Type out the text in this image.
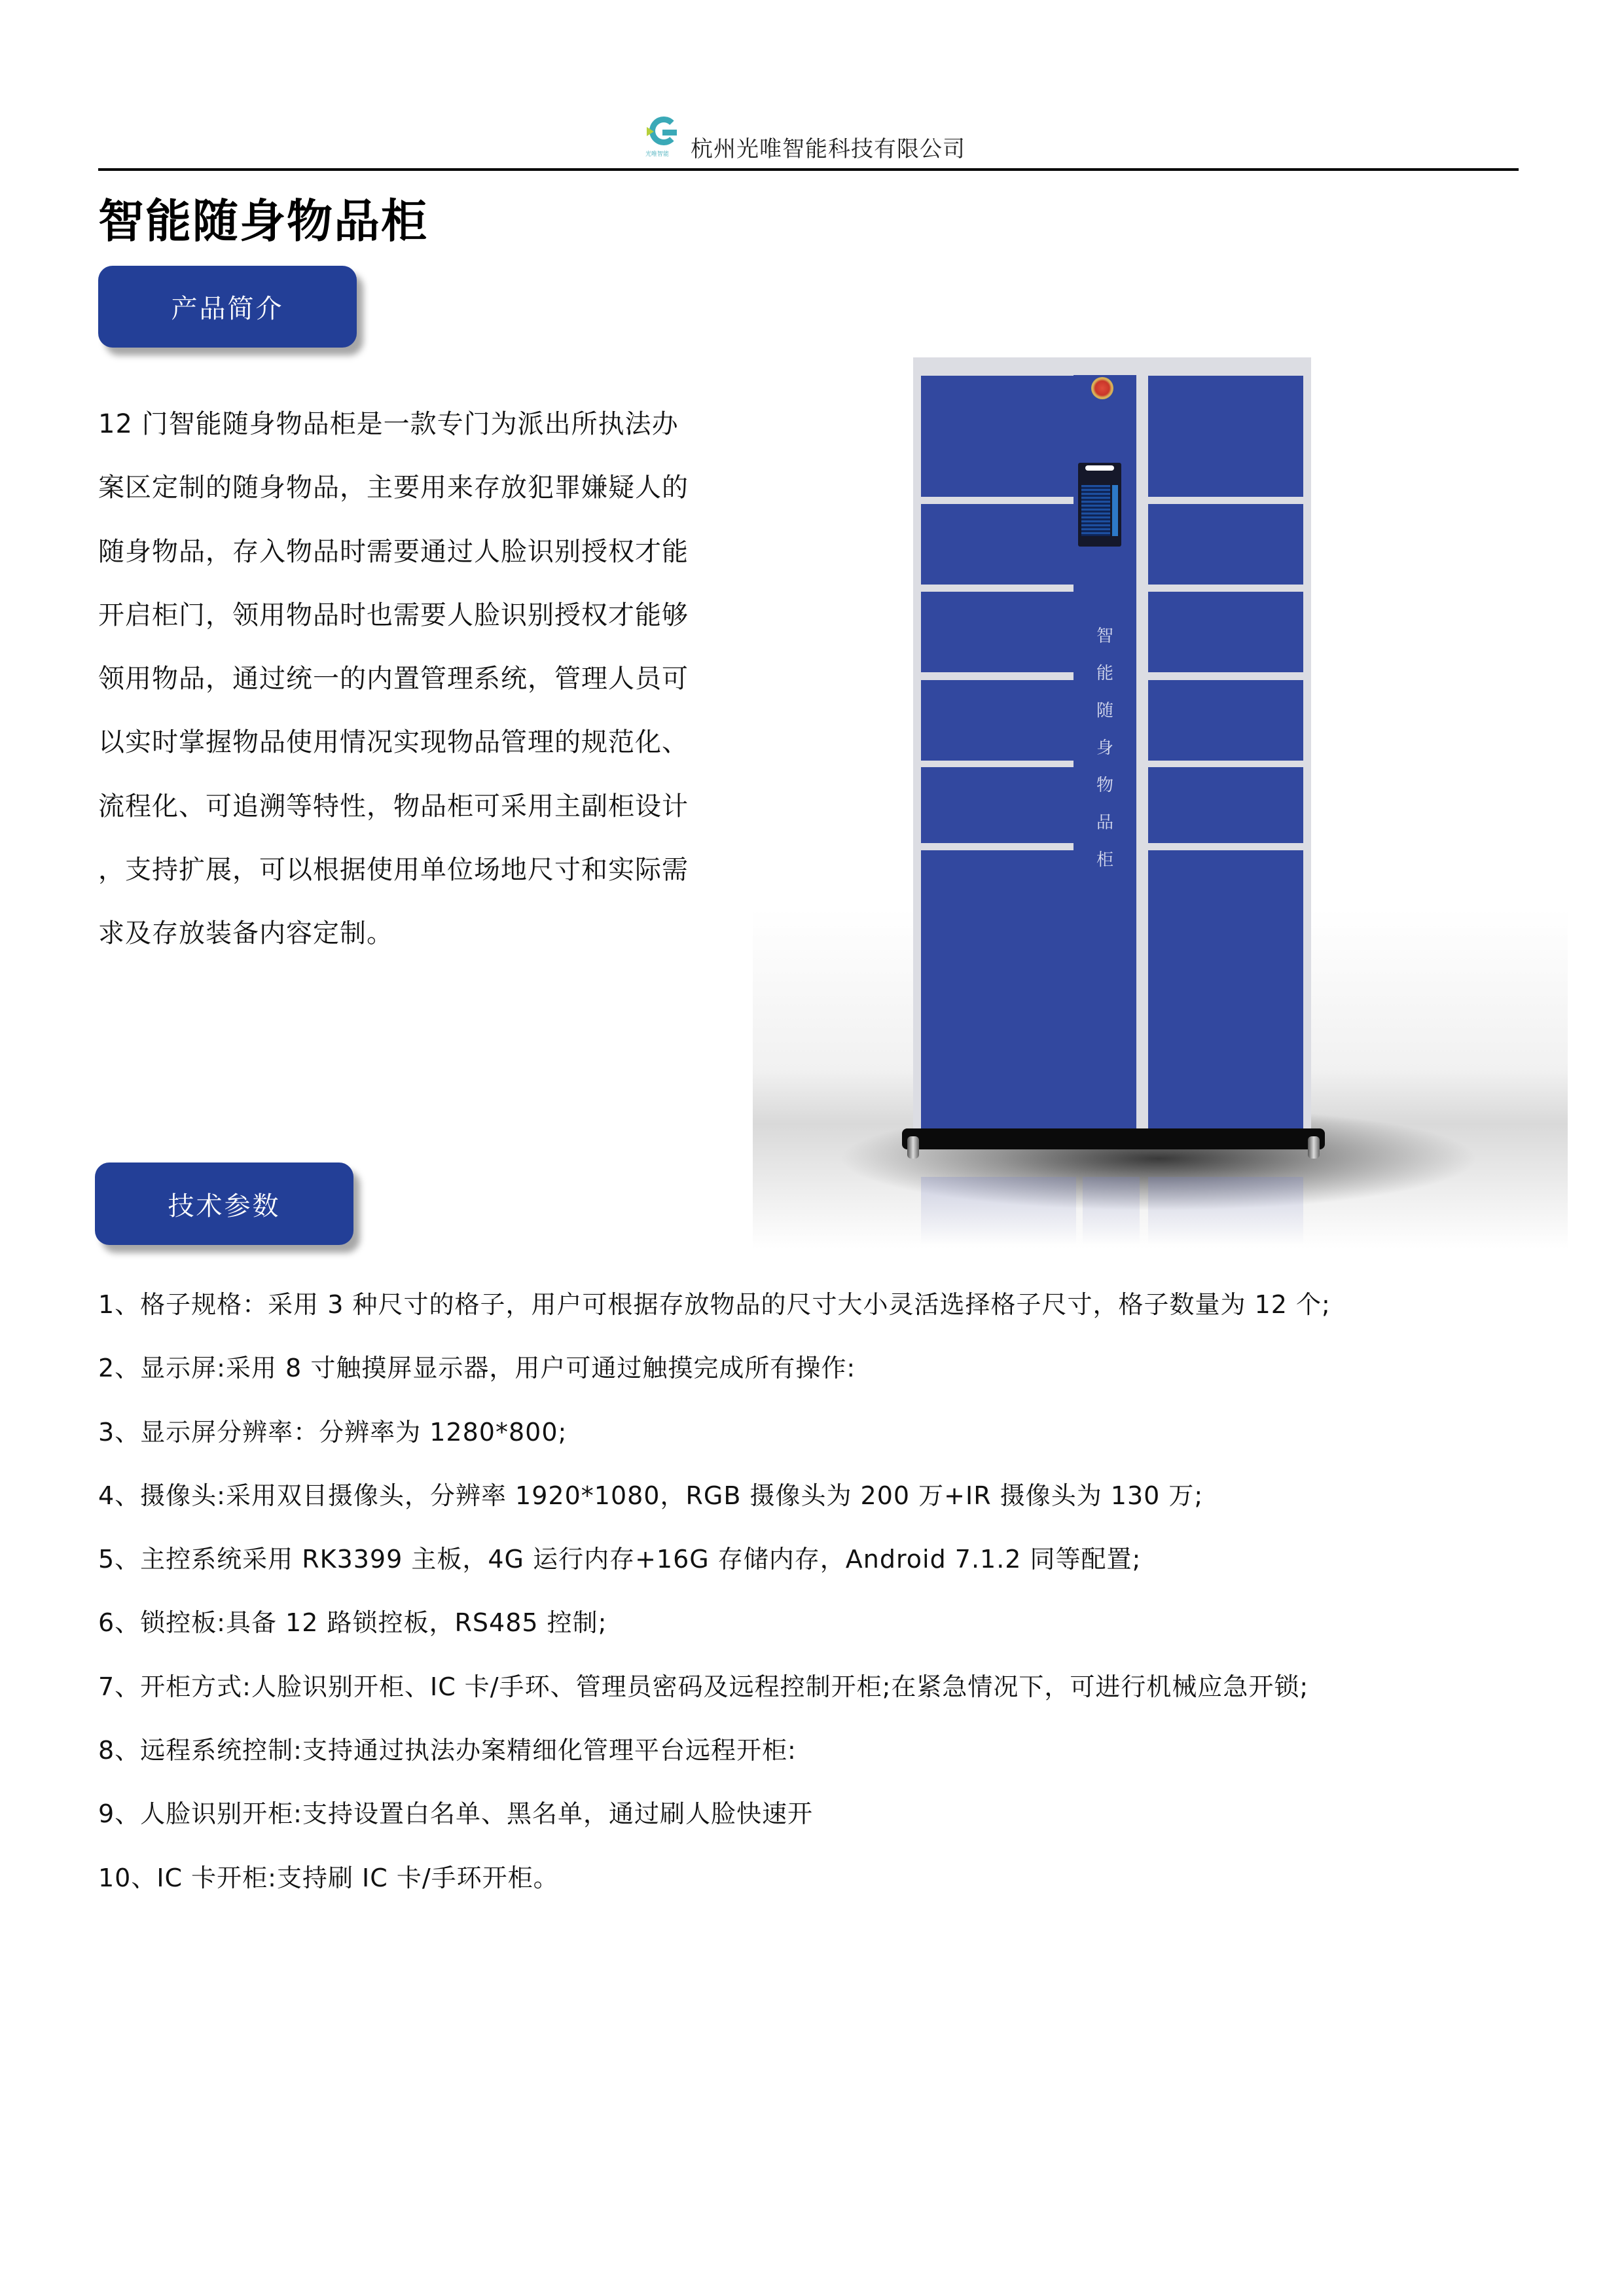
光唯智能 杭州光唯智能科技有限公司
智能随身物品柜
产品简介
12 门智能随身物品柜是一款专门为派出所执法办
案区定制的随身物品，主要用来存放犯罪嫌疑人的
随身物品，存入物品时需要通过人脸识别授权才能
开启柜门，领用物品时也需要人脸识别授权才能够
领用物品，通过统一的内置管理系统，管理人员可
以实时掌握物品使用情况实现物品管理的规范化、
流程化、可追溯等特性，物品柜可采用主副柜设计
，支持扩展，可以根据使用单位场地尺寸和实际需
求及存放装备内容定制。
智
能
随
身
物
品
柜
技术参数
1、格子规格：采用 3 种尺寸的格子，用户可根据存放物品的尺寸大小灵活选择格子尺寸，格子数量为 12 个;
2、显示屏:采用 8 寸触摸屏显示器，用户可通过触摸完成所有操作:
3、显示屏分辨率：分辨率为 1280*800;
4、摄像头:采用双目摄像头，分辨率 1920*1080，RGB 摄像头为 200 万+IR 摄像头为 130 万;
5、主控系统采用 RK3399 主板，4G 运行内存+16G 存储内存，Android 7.1.2 同等配置;
6、锁控板:具备 12 路锁控板，RS485 控制;
7、开柜方式:人脸识别开柜、IC 卡/手环、管理员密码及远程控制开柜;在紧急情况下，可进行机械应急开锁;
8、远程系统控制:支持通过执法办案精细化管理平台远程开柜:
9、人脸识别开柜:支持设置白名单、黑名单，通过刷人脸快速开
10、IC 卡开柜:支持刷 IC 卡/手环开柜。
